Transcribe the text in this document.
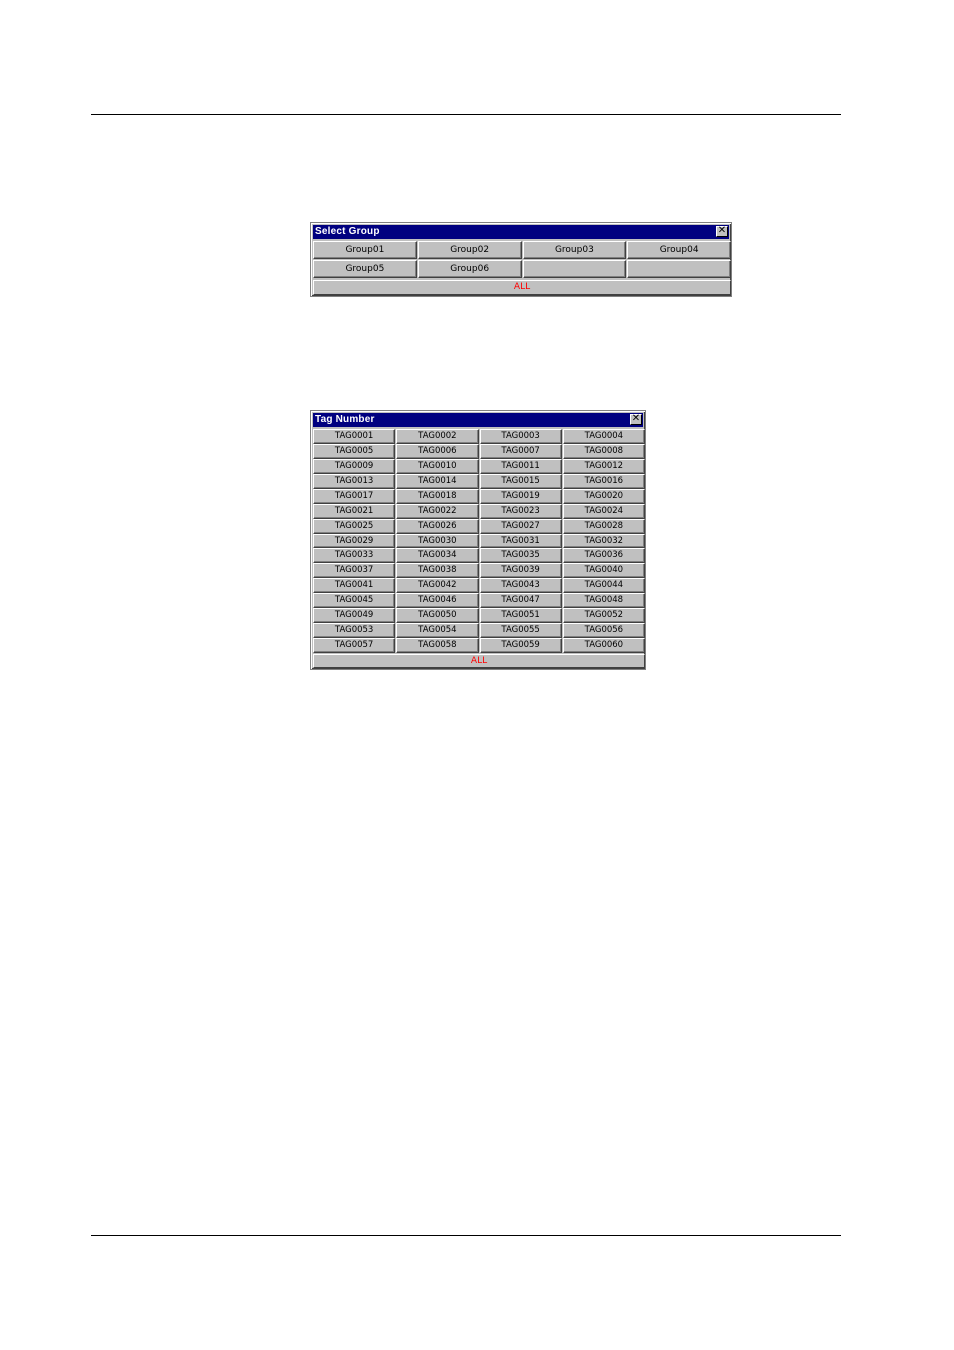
Select Group	✕
Group01	Group02	Group03	Group04
Group05	Group06
ALL
Tag Number	✕
TAG0001	TAG0002	TAG0003	TAG0004
TAG0005	TAG0006	TAG0007	TAG0008
TAG0009	TAG0010	TAG0011	TAG0012
TAG0013	TAG0014	TAG0015	TAG0016
TAG0017	TAG0018	TAG0019	TAG0020
TAG0021	TAG0022	TAG0023	TAG0024
TAG0025	TAG0026	TAG0027	TAG0028
TAG0029	TAG0030	TAG0031	TAG0032
TAG0033	TAG0034	TAG0035	TAG0036
TAG0037	TAG0038	TAG0039	TAG0040
TAG0041	TAG0042	TAG0043	TAG0044
TAG0045	TAG0046	TAG0047	TAG0048
TAG0049	TAG0050	TAG0051	TAG0052
TAG0053	TAG0054	TAG0055	TAG0056
TAG0057	TAG0058	TAG0059	TAG0060
ALL
